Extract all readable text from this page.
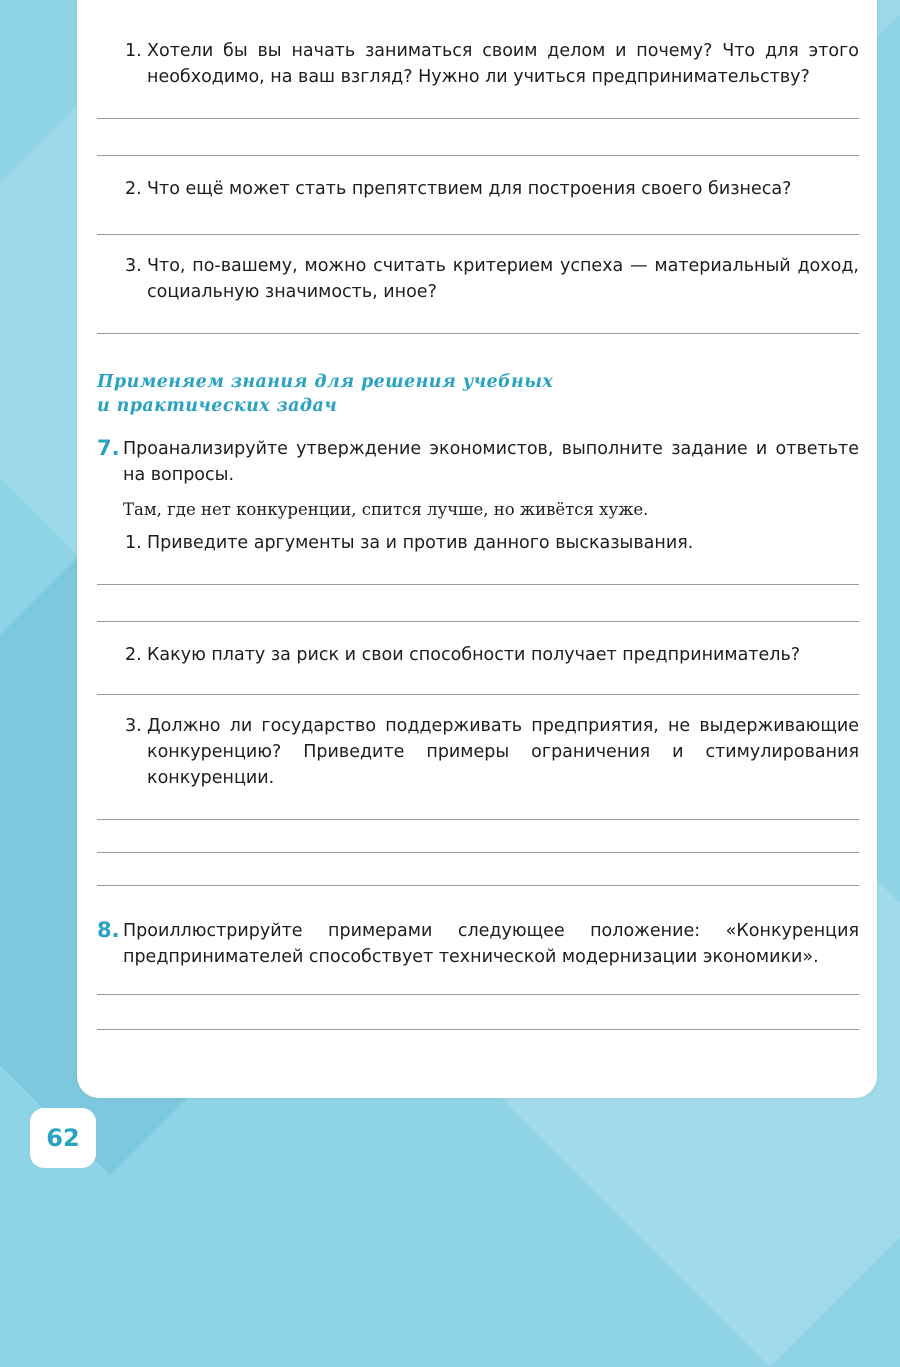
1. Хотели бы вы начать заниматься своим делом и почему? Что для этого необходимо, на ваш взгляд? Нужно ли учиться предпринимательству?
2. Что ещё может стать препятствием для построения своего бизнеса?
3. Что, по-вашему, можно считать критерием успеха — материальный доход, социальную значимость, иное?
Применяем знания для решения учебных
и практических задач
7. Проанализируйте утверждение экономистов, выполните задание и ответьте на вопросы.
Там, где нет конкуренции, спится лучше, но живётся хуже.
1. Приведите аргументы за и против данного высказывания.
2. Какую плату за риск и свои способности получает предприниматель?
3. Должно ли государство поддерживать предприятия, не выдерживающие конкуренцию? Приведите примеры ограничения и стимулирования конкуренции.
8. Проиллюстрируйте примерами следующее положение: «Конкуренция предпринимателей способствует технической модернизации экономики».
62
